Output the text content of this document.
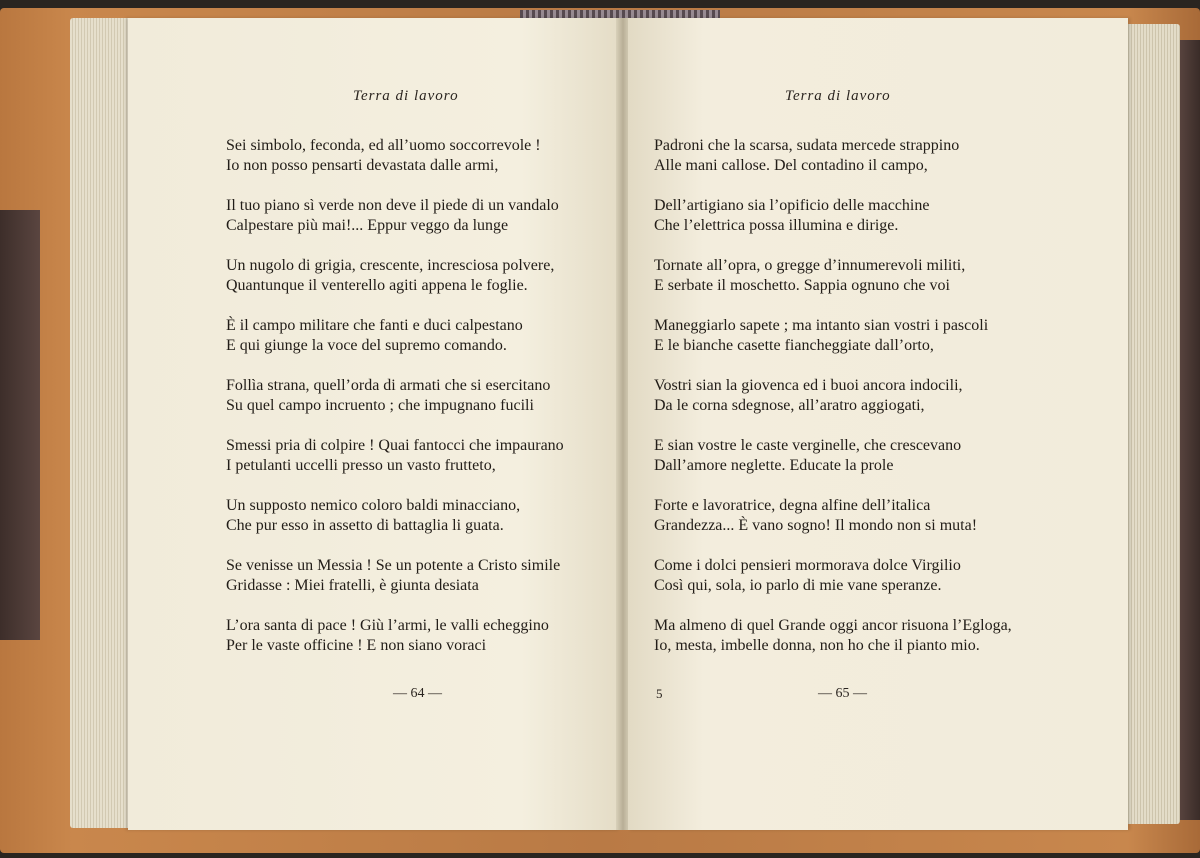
Terra di lavoro
Sei simbolo, feconda, ed all’uomo soccorrevole !
Io non posso pensarti devastata dalle armi,
Il tuo piano sì verde non deve il piede di un vandalo
Calpestare più mai!... Eppur veggo da lunge
Un nugolo di grigia, crescente, incresciosa polvere,
Quantunque il venterello agiti appena le foglie.
È il campo militare che fanti e duci calpestano
E qui giunge la voce del supremo comando.
Follìa strana, quell’orda di armati che si esercitano
Su quel campo incruento ; che impugnano fucili
Smessi pria di colpire ! Quai fantocci che impaurano
I petulanti uccelli presso un vasto frutteto,
Un supposto nemico coloro baldi minacciano,
Che pur esso in assetto di battaglia li guata.
Se venisse un Messia ! Se un potente a Cristo simile
Gridasse : Miei fratelli, è giunta desiata
L’ora santa di pace ! Giù l’armi, le valli echeggino
Per le vaste officine ! E non siano voraci
— 64 —
Terra di lavoro
Padroni che la scarsa, sudata mercede strappino
Alle mani callose. Del contadino il campo,
Dell’artigiano sia l’opificio delle macchine
Che l’elettrica possa illumina e dirige.
Tornate all’opra, o gregge d’innumerevoli militi,
E serbate il moschetto. Sappia ognuno che voi
Maneggiarlo sapete ; ma intanto sian vostri i pascoli
E le bianche casette fiancheggiate dall’orto,
Vostri sian la giovenca ed i buoi ancora indocili,
Da le corna sdegnose, all’aratro aggiogati,
E sian vostre le caste verginelle, che crescevano
Dall’amore neglette. Educate la prole
Forte e lavoratrice, degna alfine dell’italica
Grandezza... È vano sogno! Il mondo non si muta!
Come i dolci pensieri mormorava dolce Virgilio
Così qui, sola, io parlo di mie vane speranze.
Ma almeno di quel Grande oggi ancor risuona l’Egloga,
Io, mesta, imbelle donna, non ho che il pianto mio.
5	— 65 —
